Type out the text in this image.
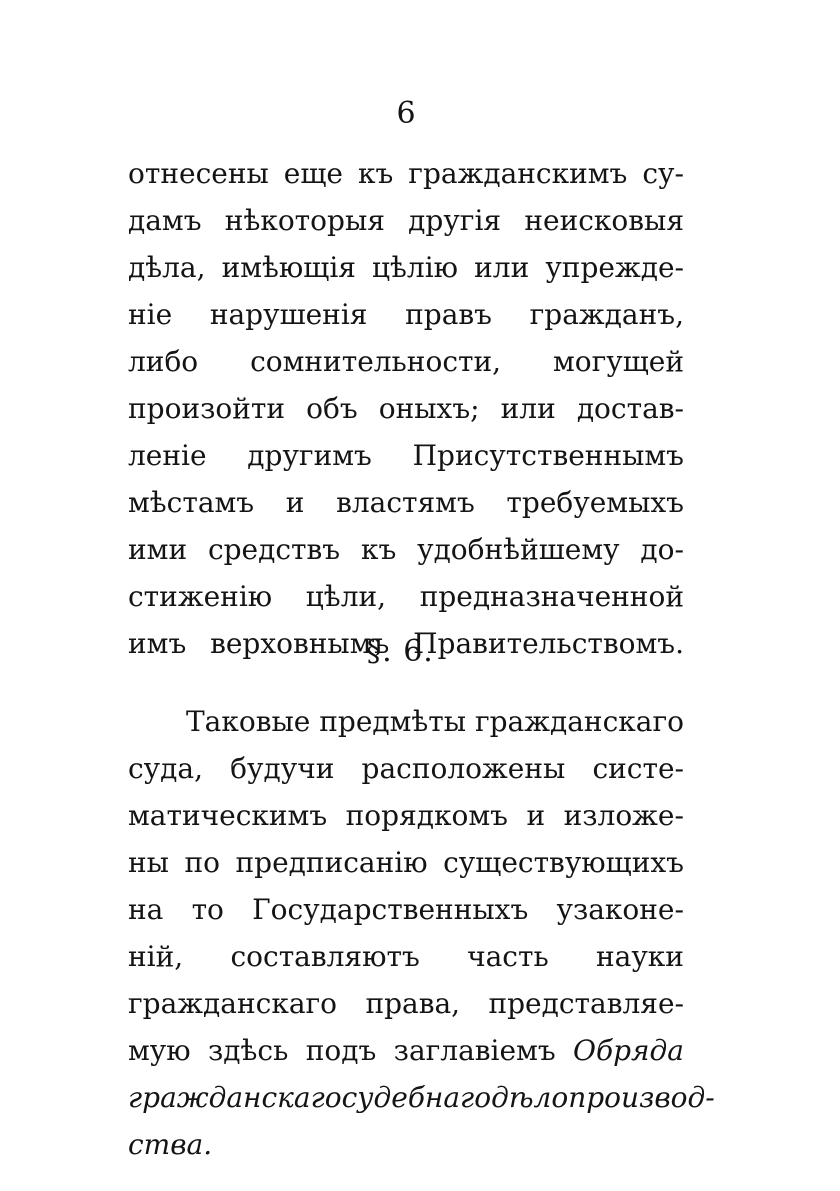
6
отнесены еще къ гражданскимъ су-
дамъ нѣкоторыя другія неисковыя
дѣла, имѣющія цѣлію или упрежде-
ніе нарушенія правъ гражданъ,
либо сомнительности, могущей
произойти объ оныхъ; или достав-
леніе другимъ Присутственнымъ
мѣстамъ и властямъ требуемыхъ
ими средствъ къ удобнѣйшему до-
стиженію цѣли, предназначенной
имъ верховнымъ Правительствомъ.
§. 6.
Таковые предмѣты гражданскаго
суда, будучи расположены систе-
матическимъ порядкомъ и изложе-
ны по предписанію существующихъ
на то Государственныхъ узаконе-
ній, составляютъ часть науки
гражданскаго права, представляе-
мую здѣсь подъ заглавіемъ Обряда
гражданскаго судебнаго дѣлопроизвод-
ства.
